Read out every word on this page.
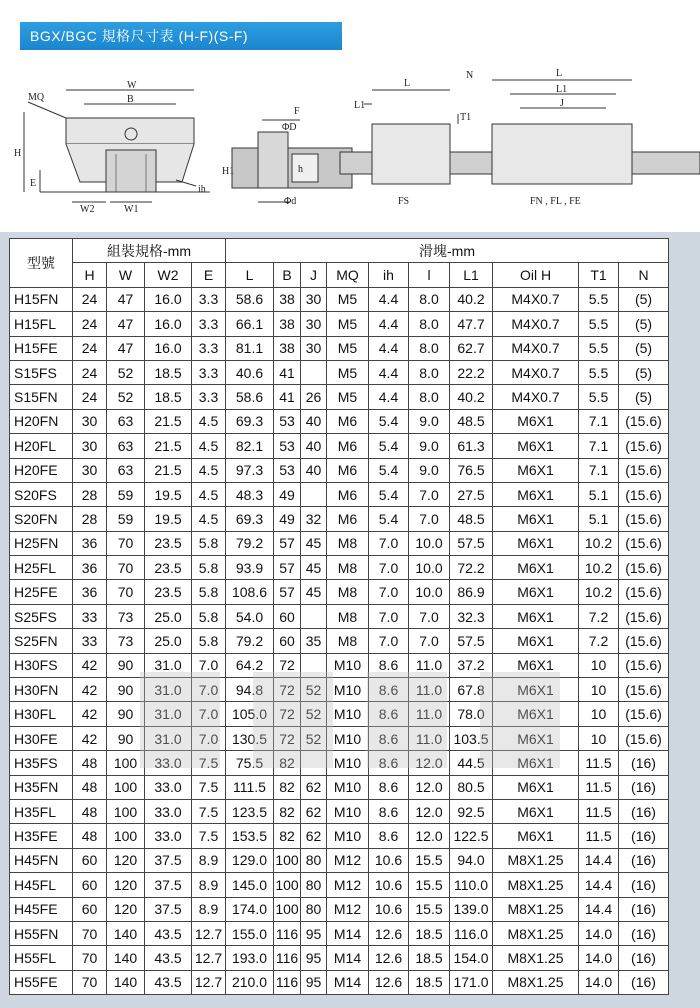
BGX/BGC 規格尺寸表 (H-F)(S-F)
MQ
W
B
H
E
W2	W1
ih
F
ΦD
H1	h
Φd
L
L1
T1
FS
N	L
L1
J
FN , FL , FE
型號	組裝規格-mm				滑塊-mm									
	H	W	W2	E	L	B	J	MQ	ih	l	L1	Oil H	T1	N
H15FN	24	47	16.0	3.3	58.6	38	30	M5	4.4	8.0	40.2	M4X0.7	5.5	(5)
H15FL	24	47	16.0	3.3	66.1	38	30	M5	4.4	8.0	47.7	M4X0.7	5.5	(5)
H15FE	24	47	16.0	3.3	81.1	38	30	M5	4.4	8.0	62.7	M4X0.7	5.5	(5)
S15FS	24	52	18.5	3.3	40.6	41		M5	4.4	8.0	22.2	M4X0.7	5.5	(5)
S15FN	24	52	18.5	3.3	58.6	41	26	M5	4.4	8.0	40.2	M4X0.7	5.5	(5)
H20FN	30	63	21.5	4.5	69.3	53	40	M6	5.4	9.0	48.5	M6X1	7.1	(15.6)
H20FL	30	63	21.5	4.5	82.1	53	40	M6	5.4	9.0	61.3	M6X1	7.1	(15.6)
H20FE	30	63	21.5	4.5	97.3	53	40	M6	5.4	9.0	76.5	M6X1	7.1	(15.6)
S20FS	28	59	19.5	4.5	48.3	49		M6	5.4	7.0	27.5	M6X1	5.1	(15.6)
S20FN	28	59	19.5	4.5	69.3	49	32	M6	5.4	7.0	48.5	M6X1	5.1	(15.6)
H25FN	36	70	23.5	5.8	79.2	57	45	M8	7.0	10.0	57.5	M6X1	10.2	(15.6)
H25FL	36	70	23.5	5.8	93.9	57	45	M8	7.0	10.0	72.2	M6X1	10.2	(15.6)
H25FE	36	70	23.5	5.8	108.6	57	45	M8	7.0	10.0	86.9	M6X1	10.2	(15.6)
S25FS	33	73	25.0	5.8	54.0	60		M8	7.0	7.0	32.3	M6X1	7.2	(15.6)
S25FN	33	73	25.0	5.8	79.2	60	35	M8	7.0	7.0	57.5	M6X1	7.2	(15.6)
H30FS	42	90	31.0	7.0	64.2	72		M10	8.6	11.0	37.2	M6X1	10	(15.6)
H30FN	42	90	31.0	7.0	94.8	72	52	M10	8.6	11.0	67.8	M6X1	10	(15.6)
H30FL	42	90	31.0	7.0	105.0	72	52	M10	8.6	11.0	78.0	M6X1	10	(15.6)
H30FE	42	90	31.0	7.0	130.5	72	52	M10	8.6	11.0	103.5	M6X1	10	(15.6)
H35FS	48	100	33.0	7.5	75.5	82		M10	8.6	12.0	44.5	M6X1	11.5	(16)
H35FN	48	100	33.0	7.5	111.5	82	62	M10	8.6	12.0	80.5	M6X1	11.5	(16)
H35FL	48	100	33.0	7.5	123.5	82	62	M10	8.6	12.0	92.5	M6X1	11.5	(16)
H35FE	48	100	33.0	7.5	153.5	82	62	M10	8.6	12.0	122.5	M6X1	11.5	(16)
H45FN	60	120	37.5	8.9	129.0	100	80	M12	10.6	15.5	94.0	M8X1.25	14.4	(16)
H45FL	60	120	37.5	8.9	145.0	100	80	M12	10.6	15.5	110.0	M8X1.25	14.4	(16)
H45FE	60	120	37.5	8.9	174.0	100	80	M12	10.6	15.5	139.0	M8X1.25	14.4	(16)
H55FN	70	140	43.5	12.7	155.0	116	95	M14	12.6	18.5	116.0	M8X1.25	14.0	(16)
H55FL	70	140	43.5	12.7	193.0	116	95	M14	12.6	18.5	154.0	M8X1.25	14.0	(16)
H55FE	70	140	43.5	12.7	210.0	116	95	M14	12.6	18.5	171.0	M8X1.25	14.0	(16)
